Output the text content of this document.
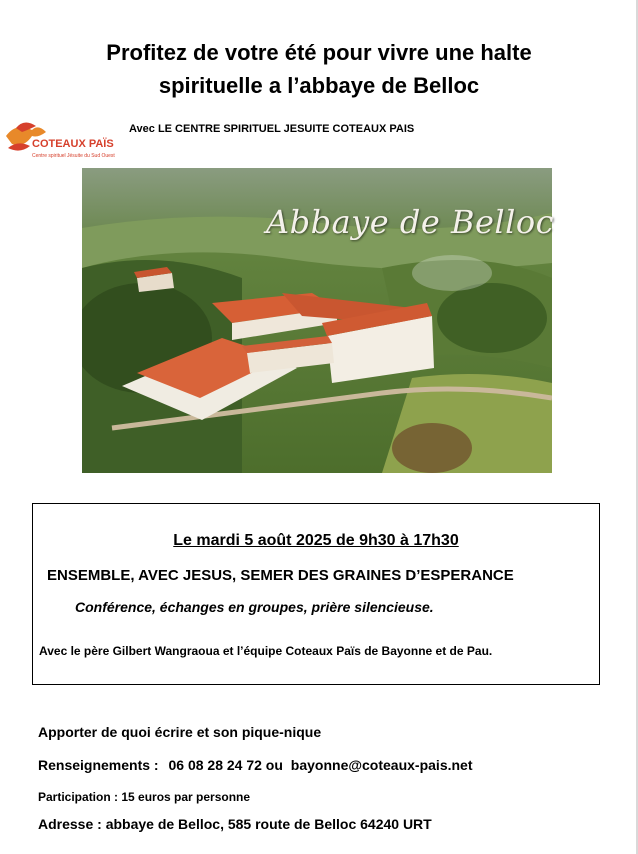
Profitez de votre été pour vivre une halte
spirituelle a l’abbaye de Belloc
COTEAUX PAÏS
Centre spirituel Jésuite du Sud Ouest
Avec LE CENTRE SPIRITUEL JESUITE COTEAUX PAIS
Abbaye de Belloc
Le mardi 5 août 2025 de 9h30 à 17h30
ENSEMBLE, AVEC JESUS, SEMER DES GRAINES D’ESPERANCE
Conférence, échanges en groupes, prière silencieuse.
Avec le père Gilbert Wangraoua et l’équipe Coteaux Païs de Bayonne et de Pau.
Apporter de quoi écrire et son pique-nique
Renseignements : 06 08 28 24 72 ou bayonne@coteaux-pais.net
Participation : 15 euros par personne
Adresse : abbaye de Belloc, 585 route de Belloc 64240 URT
